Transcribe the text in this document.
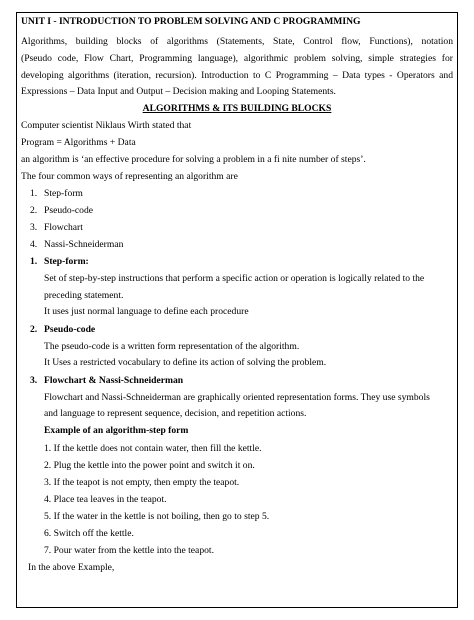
UNIT I - INTRODUCTION TO PROBLEM SOLVING AND C PROGRAMMING
Algorithms, building blocks of algorithms (Statements, State, Control flow, Functions), notation
(Pseudo code, Flow Chart, Programming language), algorithmic problem solving, simple strategies for
developing algorithms (iteration, recursion). Introduction to C Programming – Data types - Operators and
Expressions – Data Input and Output – Decision making and Looping Statements.
ALGORITHMS & ITS BUILDING BLOCKS
Computer scientist Niklaus Wirth stated that
Program = Algorithms + Data
an algorithm is ‘an effective procedure for solving a problem in a fi nite number of steps’.
The four common ways of representing an algorithm are
1. Step-form
2. Pseudo-code
3. Flowchart
4. Nassi-Schneiderman
1. Step-form:
Set of step-by-step instructions that perform a specific action or operation is logically related to the
preceding statement.
It uses just normal language to define each procedure
2. Pseudo-code
The pseudo-code is a written form representation of the algorithm.
It Uses a restricted vocabulary to define its action of solving the problem.
3. Flowchart & Nassi-Schneiderman
Flowchart and Nassi-Schneiderman are graphically oriented representation forms. They use symbols
and language to represent sequence, decision, and repetition actions.
Example of an algorithm-step form
1. If the kettle does not contain water, then fill the kettle.
2. Plug the kettle into the power point and switch it on.
3. If the teapot is not empty, then empty the teapot.
4. Place tea leaves in the teapot.
5. If the water in the kettle is not boiling, then go to step 5.
6. Switch off the kettle.
7. Pour water from the kettle into the teapot.
In the above Example,
